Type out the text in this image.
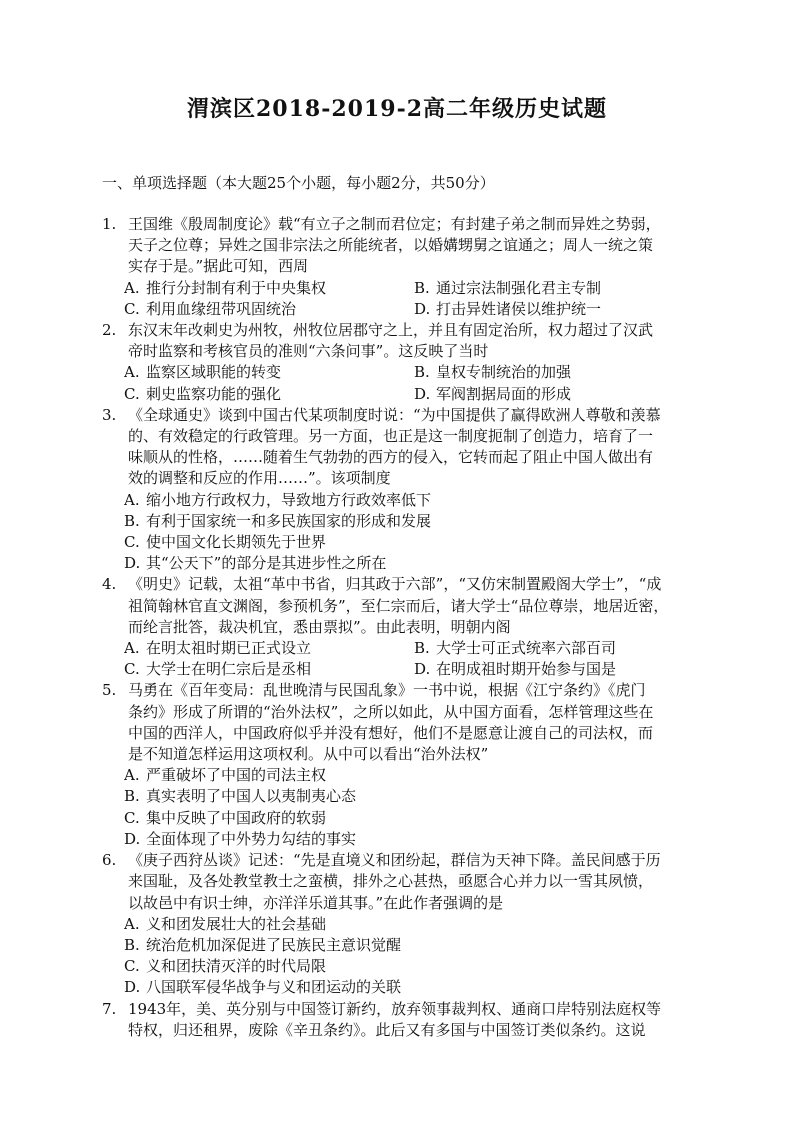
渭滨区2018-2019-2高二年级历史试题
一、单项选择题（本大题25个小题，每小题2分，共50分）
1. 王国维《殷周制度论》载“有立子之制而君位定；有封建子弟之制而异姓之势弱，
天子之位尊；异姓之国非宗法之所能统者，以婚媾甥舅之谊通之；周人一统之策
实存于是。”据此可知，西周
A. 推行分封制有利于中央集权	B. 通过宗法制强化君主专制
C. 利用血缘纽带巩固统治	D. 打击异姓诸侯以维护统一
2. 东汉末年改刺史为州牧，州牧位居郡守之上，并且有固定治所，权力超过了汉武
帝时监察和考核官员的准则“六条问事”。这反映了当时
A. 监察区域职能的转变	B. 皇权专制统治的加强
C. 刺史监察功能的强化	D. 军阀割据局面的形成
3. 《全球通史》谈到中国古代某项制度时说：“为中国提供了赢得欧洲人尊敬和羡慕
的、有效稳定的行政管理。另一方面，也正是这一制度扼制了创造力，培育了一
味顺从的性格，……随着生气勃勃的西方的侵入，它转而起了阻止中国人做出有
效的调整和反应的作用……”。该项制度
A. 缩小地方行政权力，导致地方行政效率低下
B. 有利于国家统一和多民族国家的形成和发展
C. 使中国文化长期领先于世界
D. 其“公天下”的部分是其进步性之所在
4. 《明史》记载，太祖“革中书省，归其政于六部”，“又仿宋制置殿阁大学士”，“成
祖简翰林官直文渊阁，参预机务”，至仁宗而后，诸大学士“品位尊崇，地居近密，
而纶言批答，裁决机宜，悉由票拟”。由此表明，明朝内阁
A. 在明太祖时期已正式设立	B. 大学士可正式统率六部百司
C. 大学士在明仁宗后是丞相	D. 在明成祖时期开始参与国是
5. 马勇在《百年变局：乱世晚清与民国乱象》一书中说，根据《江宁条约》《虎门
条约》形成了所谓的“治外法权”，之所以如此，从中国方面看，怎样管理这些在
中国的西洋人，中国政府似乎并没有想好，他们不是愿意让渡自己的司法权，而
是不知道怎样运用这项权利。从中可以看出“治外法权”
A. 严重破坏了中国的司法主权
B. 真实表明了中国人以夷制夷心态
C. 集中反映了中国政府的软弱
D. 全面体现了中外势力勾结的事实
6. 《庚子西狩丛谈》记述：“先是直境义和团纷起，群信为天神下降。盖民间感于历
来国耻，及各处教堂教士之蛮横，排外之心甚热，亟愿合心并力以一雪其夙愤，
以故邑中有识士绅，亦洋洋乐道其事。”在此作者强调的是
A. 义和团发展壮大的社会基础
B. 统治危机加深促进了民族民主意识觉醒
C. 义和团扶清灭洋的时代局限
D. 八国联军侵华战争与义和团运动的关联
7. 1943年，美、英分别与中国签订新约，放弃领事裁判权、通商口岸特别法庭权等
特权，归还租界，废除《辛丑条约》。此后又有多国与中国签订类似条约。这说
